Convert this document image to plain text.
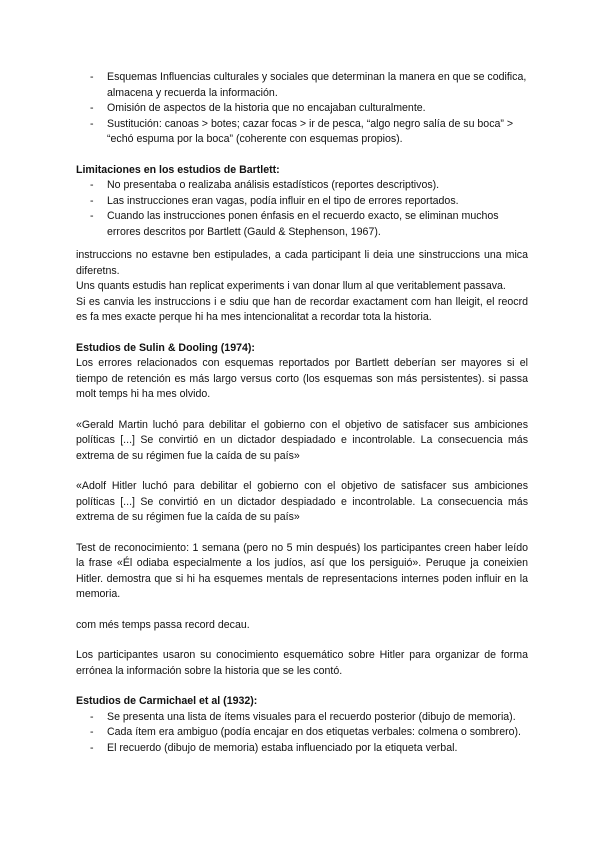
- Esquemas Influencias culturales y sociales que determinan la manera en que se codifica, almacena y recuerda la información.
- Omisión de aspectos de la historia que no encajaban culturalmente.
- Sustitución: canoas > botes; cazar focas > ir de pesca, “algo negro salía de su boca” > “echó espuma por la boca” (coherente con esquemas propios).
Limitaciones en los estudios de Bartlett:
- No presentaba o realizaba análisis estadísticos (reportes descriptivos).
- Las instrucciones eran vagas, podía influir en el tipo de errores reportados.
- Cuando las instrucciones ponen énfasis en el recuerdo exacto, se eliminan muchos errores descritos por Bartlett (Gauld & Stephenson, 1967).

instruccions no estavne ben estipulades, a cada participant li deia une sinstruccions una mica diferetns.

Uns quants estudis han replicat experiments i van donar llum al que veritablement passava.

Si es canvia les instruccions i e sdiu que han de recordar exactament com han lleigit, el reocrd es fa mes exacte perque hi ha mes intencionalitat a recordar tota la historia.

Estudios de Sulin & Dooling (1974):

Los errores relacionados con esquemas reportados por Bartlett deberían ser mayores si el tiempo de retención es más largo versus corto (los esquemas son más persistentes). si passa molt temps hi ha mes olvido.

«Gerald Martin luchó para debilitar el gobierno con el objetivo de satisfacer sus ambiciones políticas [...] Se convirtió en un dictador despiadado e incontrolable. La consecuencia más extrema de su régimen fue la caída de su país»

«Adolf Hitler luchó para debilitar el gobierno con el objetivo de satisfacer sus ambiciones políticas [...] Se convirtió en un dictador despiadado e incontrolable. La consecuencia más extrema de su régimen fue la caída de su país»

Test de reconocimiento: 1 semana (pero no 5 min después) los participantes creen haber leído la frase «Él odiaba especialmente a los judíos, así que los persiguió». Peruque ja coneixien Hitler. demostra que si hi ha esquemes mentals de representacions internes poden influir en la memoria.

com més temps passa record decau.

Los participantes usaron su conocimiento esquemático sobre Hitler para organizar de forma errónea la información sobre la historia que se les contó.

Estudios de Carmichael et al (1932):
- Se presenta una lista de ítems visuales para el recuerdo posterior (dibujo de memoria).
- Cada ítem era ambiguo (podía encajar en dos etiquetas verbales: colmena o sombrero).
- El recuerdo (dibujo de memoria) estaba influenciado por la etiqueta verbal.
